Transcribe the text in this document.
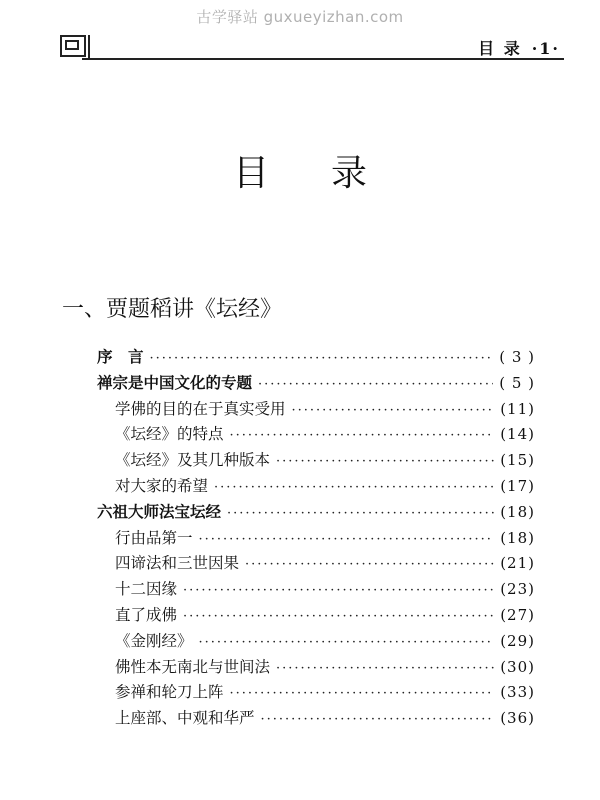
古学驿站 guxueyizhan.com
目 录 ·1·
目录
一、贾题稻讲《坛经》
序　言 ·····	( 3 )
禅宗是中国文化的专题 ·····	( 5 )
学佛的目的在于真实受用 ·····	(11)
《坛经》的特点 ·····	(14)
《坛经》及其几种版本 ·····	(15)
对大家的希望 ·····	(17)
六祖大师法宝坛经 ·····	(18)
行由品第一 ·····	(18)
四谛法和三世因果 ·····	(21)
十二因缘 ·····	(23)
直了成佛 ·····	(27)
《金刚经》 ·····	(29)
佛性本无南北与世间法 ·····	(30)
参禅和轮刀上阵 ·····	(33)
上座部、中观和华严 ·····	(36)
